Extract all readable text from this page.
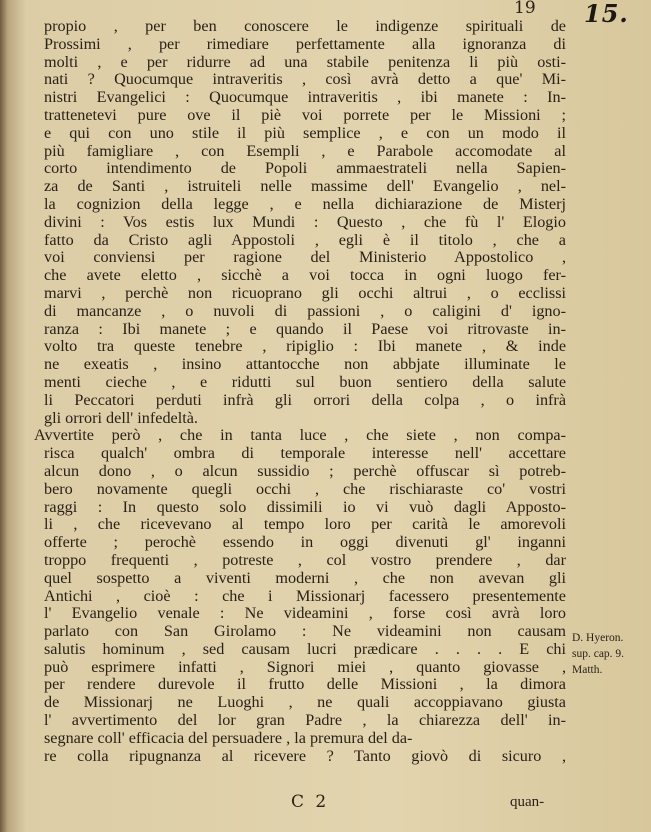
19 15.
propio , per ben conoscere le indigenze spirituali de
Prossimi , per rimediare perfettamente alla ignoranza di
molti , e per ridurre ad una stabile penitenza li più osti-
nati ? Quocumque intraveritis , così avrà detto a que' Mi-
nistri Evangelici : Quocumque intraveritis , ibi manete : In-
trattenetevi pure ove il piè voi porrete per le Missioni ;
e qui con uno stile il più semplice , e con un modo il
più famigliare , con Esempli , e Parabole accomodate al
corto intendimento de Popoli ammaestrateli nella Sapien-
za de Santi , istruiteli nelle massime dell' Evangelio , nel-
la cognizion della legge , e nella dichiarazione de Misterj
divini : Vos estis lux Mundi : Questo , che fù l' Elogio
fatto da Cristo agli Appostoli , egli è il titolo , che a
voi conviensi per ragione del Ministerio Appostolico ,
che avete eletto , sicchè a voi tocca in ogni luogo fer-
marvi , perchè non ricuoprano gli occhi altrui , o ecclissi
di mancanze , o nuvoli di passioni , o caligini d' igno-
ranza : Ibi manete ; e quando il Paese voi ritrovaste in-
volto tra queste tenebre , ripiglio : Ibi manete , & inde
ne exeatis , insino attantocche non abbjate illuminate le
menti cieche , e ridutti sul buon sentiero della salute
li Peccatori perduti infrà gli orrori della colpa , o infrà
gli orrori dell' infedeltà.
Avvertite però , che in tanta luce , che siete , non compa-
risca qualch' ombra di temporale interesse nell' accettare
alcun dono , o alcun sussidio ; perchè offuscar sì potreb-
bero novamente quegli occhi , che rischiaraste co' vostri
raggi : In questo solo dissimili io vi vuò dagli Apposto-
li , che ricevevano al tempo loro per carità le amorevoli
offerte ; perochè essendo in oggi divenuti gl' inganni
troppo frequenti , potreste , col vostro prendere , dar
quel sospetto a viventi moderni , che non avevan gli
Antichi , cioè : che i Missionarj facessero presentemente
l' Evangelio venale : Ne videamini , forse così avrà loro
parlato con San Girolamo : Ne videamini non causam
salutis hominum , sed causam lucri prædicare . . . . E chi
può esprimere infatti , Signori miei , quanto giovasse ,
per rendere durevole il frutto delle Missioni , la dimora
de Missionarj ne Luoghi , ne quali accoppiavano giusta
l' avvertimento del lor gran Padre , la chiarezza dell' in-
segnare coll' efficacia del persuadere , la premura del da-
re colla ripugnanza al ricevere ? Tanto giovò di sicuro ,
D. Hyeron.
sup. cap. 9.
Matth.
C 2	quan-
